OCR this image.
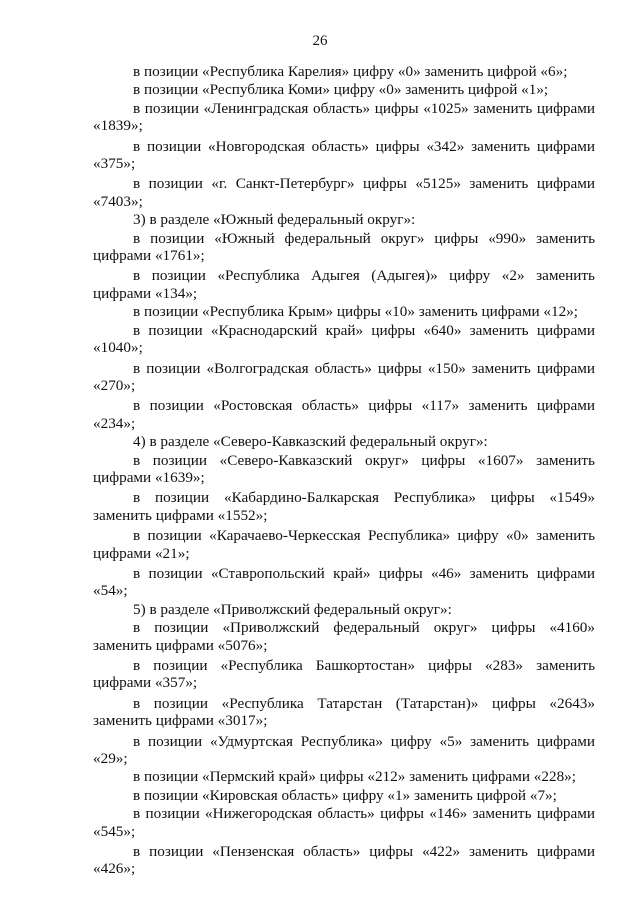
26

в позиции «Республика Карелия» цифру «0» заменить цифрой «6»;

в позиции «Республика Коми» цифру «0» заменить цифрой «1»;

в позиции «Ленинградская область» цифры «1025» заменить цифрами «1839»;

в позиции «Новгородская область» цифры «342» заменить цифрами «375»;

в позиции «г. Санкт-Петербург» цифры «5125» заменить цифрами «7403»;

3) в разделе «Южный федеральный округ»:

в позиции «Южный федеральный округ» цифры «990» заменить цифрами «1761»;

в позиции «Республика Адыгея (Адыгея)» цифру «2» заменить цифрами «134»;

в позиции «Республика Крым» цифры «10» заменить цифрами «12»;

в позиции «Краснодарский край» цифры «640» заменить цифрами «1040»;

в позиции «Волгоградская область» цифры «150» заменить цифрами «270»;

в позиции «Ростовская область» цифры «117» заменить цифрами «234»;

4) в разделе «Северо-Кавказский федеральный округ»:

в позиции «Северо-Кавказский округ» цифры «1607» заменить цифрами «1639»;

в позиции «Кабардино-Балкарская Республика» цифры «1549» заменить цифрами «1552»;

в позиции «Карачаево-Черкесская Республика» цифру «0» заменить цифрами «21»;

в позиции «Ставропольский край» цифры «46» заменить цифрами «54»;

5) в разделе «Приволжский федеральный округ»:

в позиции «Приволжский федеральный округ» цифры «4160» заменить цифрами «5076»;

в позиции «Республика Башкортостан» цифры «283» заменить цифрами «357»;

в позиции «Республика Татарстан (Татарстан)» цифры «2643» заменить цифрами «3017»;

в позиции «Удмуртская Республика» цифру «5» заменить цифрами «29»;

в позиции «Пермский край» цифры «212» заменить цифрами «228»;

в позиции «Кировская область» цифру «1» заменить цифрой «7»;

в позиции «Нижегородская область» цифры «146» заменить цифрами «545»;

в позиции «Пензенская область» цифры «422» заменить цифрами «426»;
